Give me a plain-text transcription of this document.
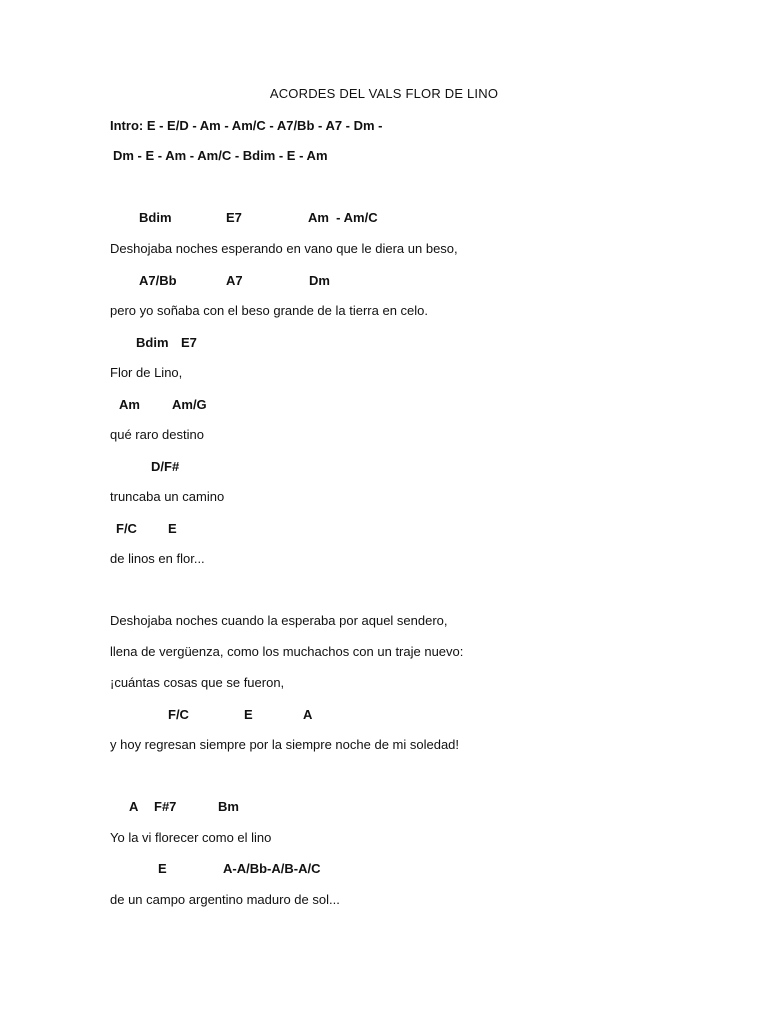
ACORDES DEL VALS FLOR DE LINO
Intro: E - E/D - Am - Am/C - A7/Bb - A7 - Dm -
Dm - E - Am - Am/C - Bdim - E - Am
Bdim	E7	Am  - Am/C
Deshojaba noches esperando en vano que le diera un beso,
A7/Bb	A7	Dm
pero yo soñaba con el beso grande de la tierra en celo.
Bdim E7
Flor de Lino,
Am Am/G
qué raro destino
D/F#
truncaba un camino
F/C E
de linos en flor...
Deshojaba noches cuando la esperaba por aquel sendero,
llena de vergüenza, como los muchachos con un traje nuevo:
¡cuántas cosas que se fueron,
F/C	E	A
y hoy regresan siempre por la siempre noche de mi soledad!
A F#7	Bm
Yo la vi florecer como el lino
E	A-A/Bb-A/B-A/C
de un campo argentino maduro de sol...
